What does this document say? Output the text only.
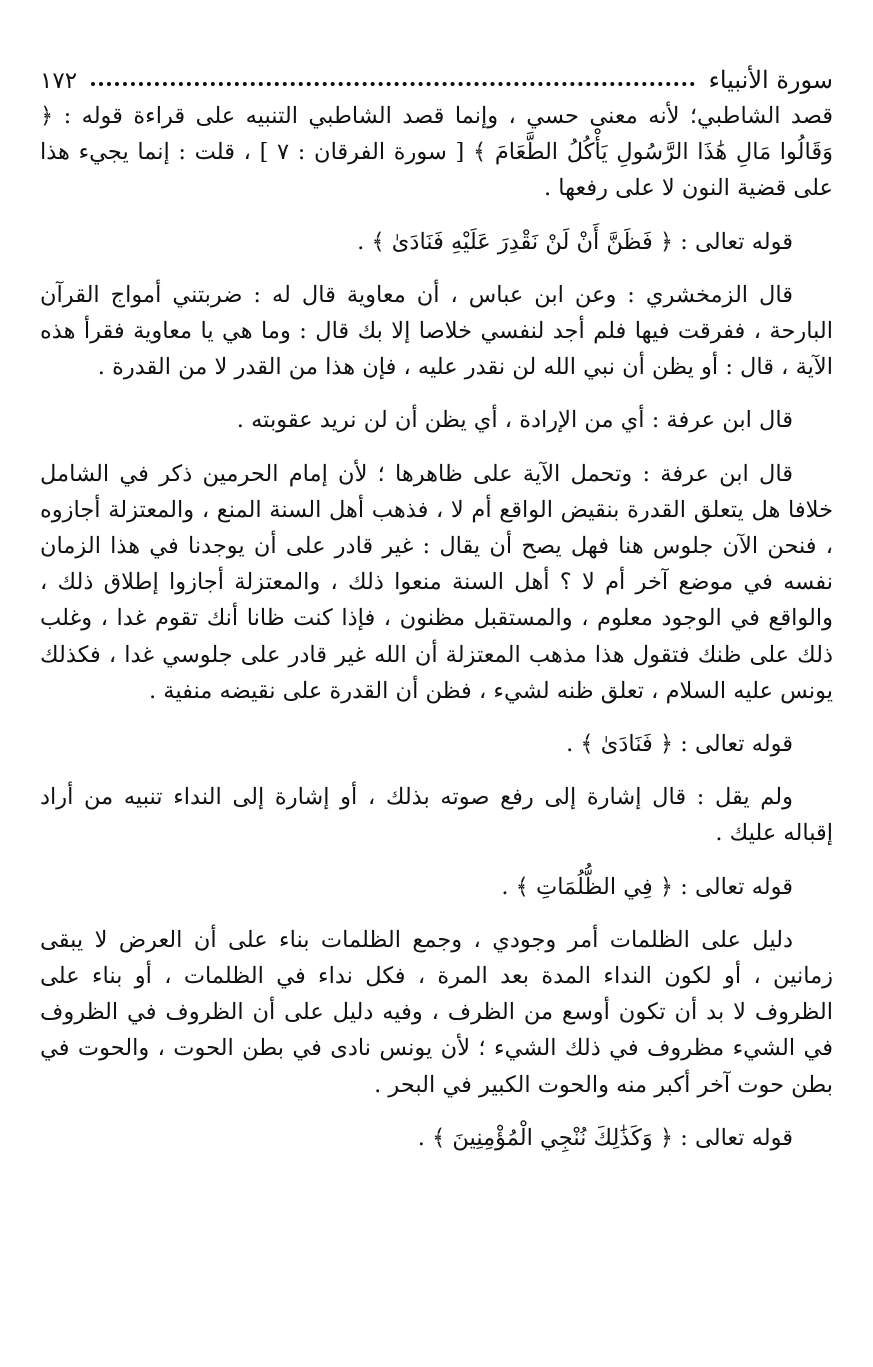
سورة الأنبياء
١٧٢

قصد الشاطبي؛ لأنه معنى حسي ، وإنما قصد الشاطبي التنبيه على قراءة قوله : ﴿ وَقَالُوا مَالِ هَٰذَا الرَّسُولِ يَأْكُلُ الطَّعَامَ ﴾ [ سورة الفرقان : ٧ ] ، قلت : إنما يجيء هذا على قضية النون لا على رفعها .

قوله تعالى : ﴿ فَظَنَّ أَنْ لَنْ نَقْدِرَ عَلَيْهِ فَنَادَىٰ ﴾ .

قال الزمخشري : وعن ابن عباس ، أن معاوية قال له : ضربتني أمواج القرآن البارحة ، ففرقت فيها فلم أجد لنفسي خلاصا إلا بك قال : وما هي يا معاوية فقرأ هذه الآية ، قال : أو يظن أن نبي الله لن نقدر عليه ، فإن هذا من القدر لا من القدرة .

قال ابن عرفة : أي من الإرادة ، أي يظن أن لن نريد عقوبته .

قال ابن عرفة : وتحمل الآية على ظاهرها ؛ لأن إمام الحرمين ذكر في الشامل خلافا هل يتعلق القدرة بنقيض الواقع أم لا ، فذهب أهل السنة المنع ، والمعتزلة أجازوه ، فنحن الآن جلوس هنا فهل يصح أن يقال : غير قادر على أن يوجدنا في هذا الزمان نفسه في موضع آخر أم لا ؟ أهل السنة منعوا ذلك ، والمعتزلة أجازوا إطلاق ذلك ، والواقع في الوجود معلوم ، والمستقبل مظنون ، فإذا كنت ظانا أنك تقوم غدا ، وغلب ذلك على ظنك فتقول هذا مذهب المعتزلة أن الله غير قادر على جلوسي غدا ، فكذلك يونس عليه السلام ، تعلق ظنه لشيء ، فظن أن القدرة على نقيضه منفية .

قوله تعالى : ﴿ فَنَادَىٰ ﴾ .

ولم يقل : قال إشارة إلى رفع صوته بذلك ، أو إشارة إلى النداء تنبيه من أراد إقباله عليك .

قوله تعالى : ﴿ فِي الظُّلُمَاتِ ﴾ .

دليل على الظلمات أمر وجودي ، وجمع الظلمات بناء على أن العرض لا يبقى زمانين ، أو لكون النداء المدة بعد المرة ، فكل نداء في الظلمات ، أو بناء على الظروف لا بد أن تكون أوسع من الظرف ، وفيه دليل على أن الظروف في الظروف في الشيء مظروف في ذلك الشيء ؛ لأن يونس نادى في بطن الحوت ، والحوت في بطن حوت آخر أكبر منه والحوت الكبير في البحر .

قوله تعالى : ﴿ وَكَذَٰلِكَ نُنْجِي الْمُؤْمِنِينَ ﴾ .
